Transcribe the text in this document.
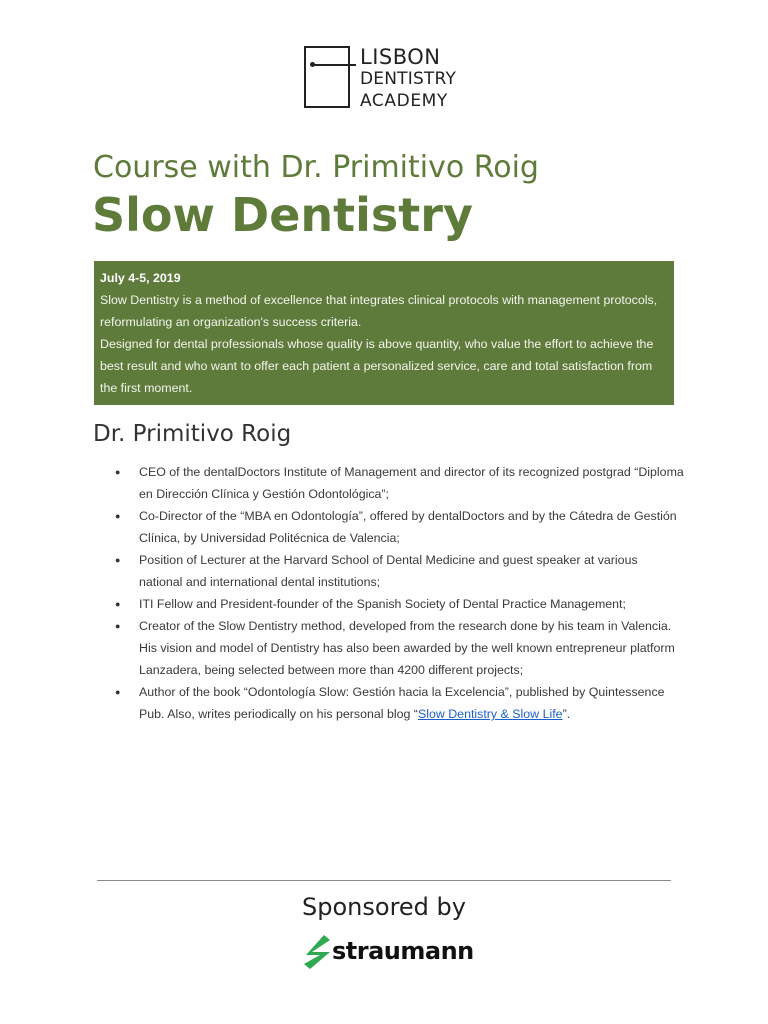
LISBON
DENTISTRY
ACADEMY
Course with Dr. Primitivo Roig
Slow Dentistry
July 4-5, 2019

Slow Dentistry is a method of excellence that integrates clinical protocols with management protocols, reformulating an organization's success criteria.

Designed for dental professionals whose quality is above quantity, who value the effort to achieve the best result and who want to offer each patient a personalized service, care and total satisfaction from the first moment.

Dr. Primitivo Roig
● CEO of the dentalDoctors Institute of Management and director of its recognized postgrad “Diploma en Dirección Clínica y Gestión Odontológica”;
● Co-Director of the “MBA en Odontología”, offered by dentalDoctors and by the Cátedra de Gestión Clínica, by Universidad Politécnica de Valencia;
● Position of Lecturer at the Harvard School of Dental Medicine and guest speaker at various national and international dental institutions;
● ITI Fellow and President-founder of the Spanish Society of Dental Practice Management;
● Creator of the Slow Dentistry method, developed from the research done by his team in Valencia. His vision and model of Dentistry has also been awarded by the well known entrepreneur platform Lanzadera, being selected between more than 4200 different projects;
● Author of the book “Odontología Slow: Gestión hacia la Excelencia”, published by Quintessence Pub. Also, writes periodically on his personal blog “Slow Dentistry & Slow Life”.
Sponsored by
straumann
